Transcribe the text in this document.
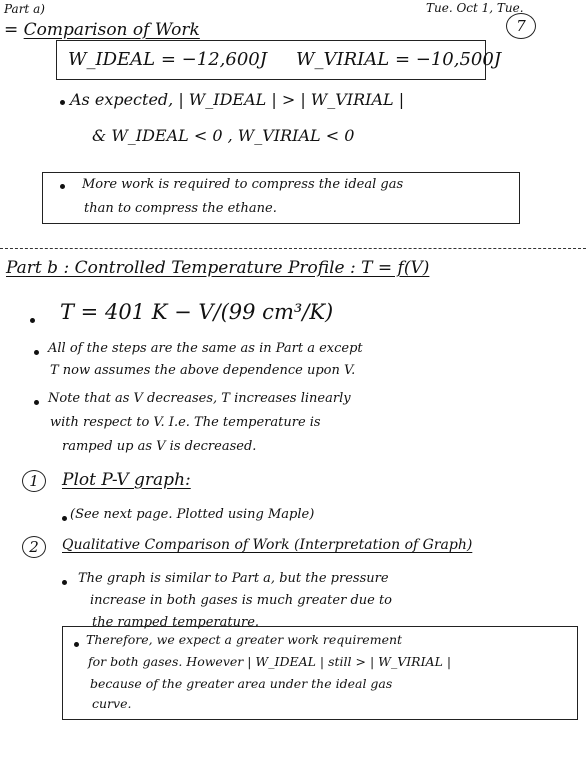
Part a)
= Comparison of Work
Tue. Oct 1, Tue.
7
W_IDEAL = −12,600J W_VIRIAL = −10,500J
As expected, | W_IDEAL | > | W_VIRIAL |
& W_IDEAL < 0 , W_VIRIAL < 0
More work is required to compress the ideal gas
than to compress the ethane.
Part b : Controlled Temperature Profile : T = f(V)
T = 401 K − V/(99 cm³/K)
All of the steps are the same as in Part a except
T now assumes the above dependence upon V.
Note that as V decreases, T increases linearly
with respect to V. I.e. The temperature is
ramped up as V is decreased.
1 Plot P-V graph:
(See next page. Plotted using Maple)
2 Qualitative Comparison of Work (Interpretation of Graph)
The graph is similar to Part a, but the pressure
increase in both gases is much greater due to
the ramped temperature.
Therefore, we expect a greater work requirement
for both gases. However | W_IDEAL | still > | W_VIRIAL |
because of the greater area under the ideal gas
curve.
